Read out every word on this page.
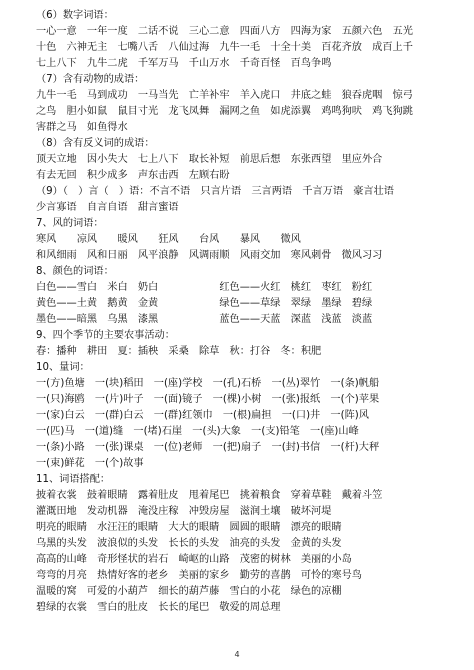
（6）数字词语：
一心一意　一年一度　二话不说　三心二意　四面八方　四海为家　五颜六色　五光
十色　六神无主　七嘴八舌　八仙过海　九牛一毛　十全十美　百花齐放　成百上千
七上八下　九牛二虎　千军万马　千山万水　千奇百怪　百鸟争鸣
（7）含有动物的成语：
九牛一毛　马到成功　一马当先　亡羊补牢　羊入虎口　井底之蛙　狼吞虎咽　惊弓
之鸟　胆小如鼠　鼠目寸光　龙飞凤舞　漏网之鱼　如虎添翼　鸡鸣狗吠　鸡飞狗跳
害群之马　如鱼得水
（8）含有反义词的成语：
顶天立地　因小失大　七上八下　取长补短　前思后想　东张西望　里应外合
有去无回　积少成多　声东击西　左顾右盼
（9）（　）言（　）语：不言不语　只言片语　三言两语　千言万语　豪言壮语
少言寡语　自言自语　甜言蜜语
7、风的词语：
寒风　　凉风　　暖风　　狂风　　台风　　暴风　　微风
和风细雨　风和日丽　风平浪静　风调雨顺　风雨交加　寒风刺骨　微风习习
8、颜色的词语：
白色——雪白　米白　奶白　　　　　　红色——火红　桃红　枣红　粉红
黄色——土黄　鹅黄　金黄　　　　　　绿色——草绿　翠绿　墨绿　碧绿
墨色——暗黑　乌黑　漆黑　　　　　　蓝色——天蓝　深蓝　浅蓝　淡蓝
9、四个季节的主要农事活动：
春：播种　耕田　夏：插秧　采桑　除草　秋：打谷　冬：积肥
10、量词：
一(方)鱼塘　一(块)稻田　一(座)学校　一(孔)石桥　一(丛)翠竹　一(条)帆船
一(只)海鸥　一(片)叶子　一(面)镜子　一(棵)小树　一(张)报纸　一(个)苹果
一(家)白云　一(群)白云　一(群)红领巾　一(根)扁担　一(口)井　一(阵)风
一(匹)马　一(道)缝　一(堵)石崖　一(头)大象　一(支)铅笔　一(座)山峰
一(条)小路　一(张)课桌　一(位)老师　一(把)扇子　一(封)书信　一(杆)大秤
一(束)鲜花　一(个)故事
11、词语搭配：
披着衣裳　鼓着眼睛　露着肚皮　甩着尾巴　挑着粮食　穿着草鞋　戴着斗笠
灌溉田地　发动机器　淹没庄稼　冲毁房屋　滋润土壤　破坏河堤
明亮的眼睛　水汪汪的眼睛　大大的眼睛　圆圆的眼睛　漂亮的眼睛
乌黑的头发　波浪似的头发　长长的头发　油亮的头发　金黄的头发
高高的山峰　奇形怪状的岩石　崎岖的山路　茂密的树林　美丽的小岛
弯弯的月亮　热情好客的老乡　美丽的家乡　勤劳的喜鹊　可怜的寒号鸟
温暖的窝　可爱的小葫芦　细长的葫芦藤　雪白的小花　绿色的凉棚
碧绿的衣裳　雪白的肚皮　长长的尾巴　敬爱的周总理
4
